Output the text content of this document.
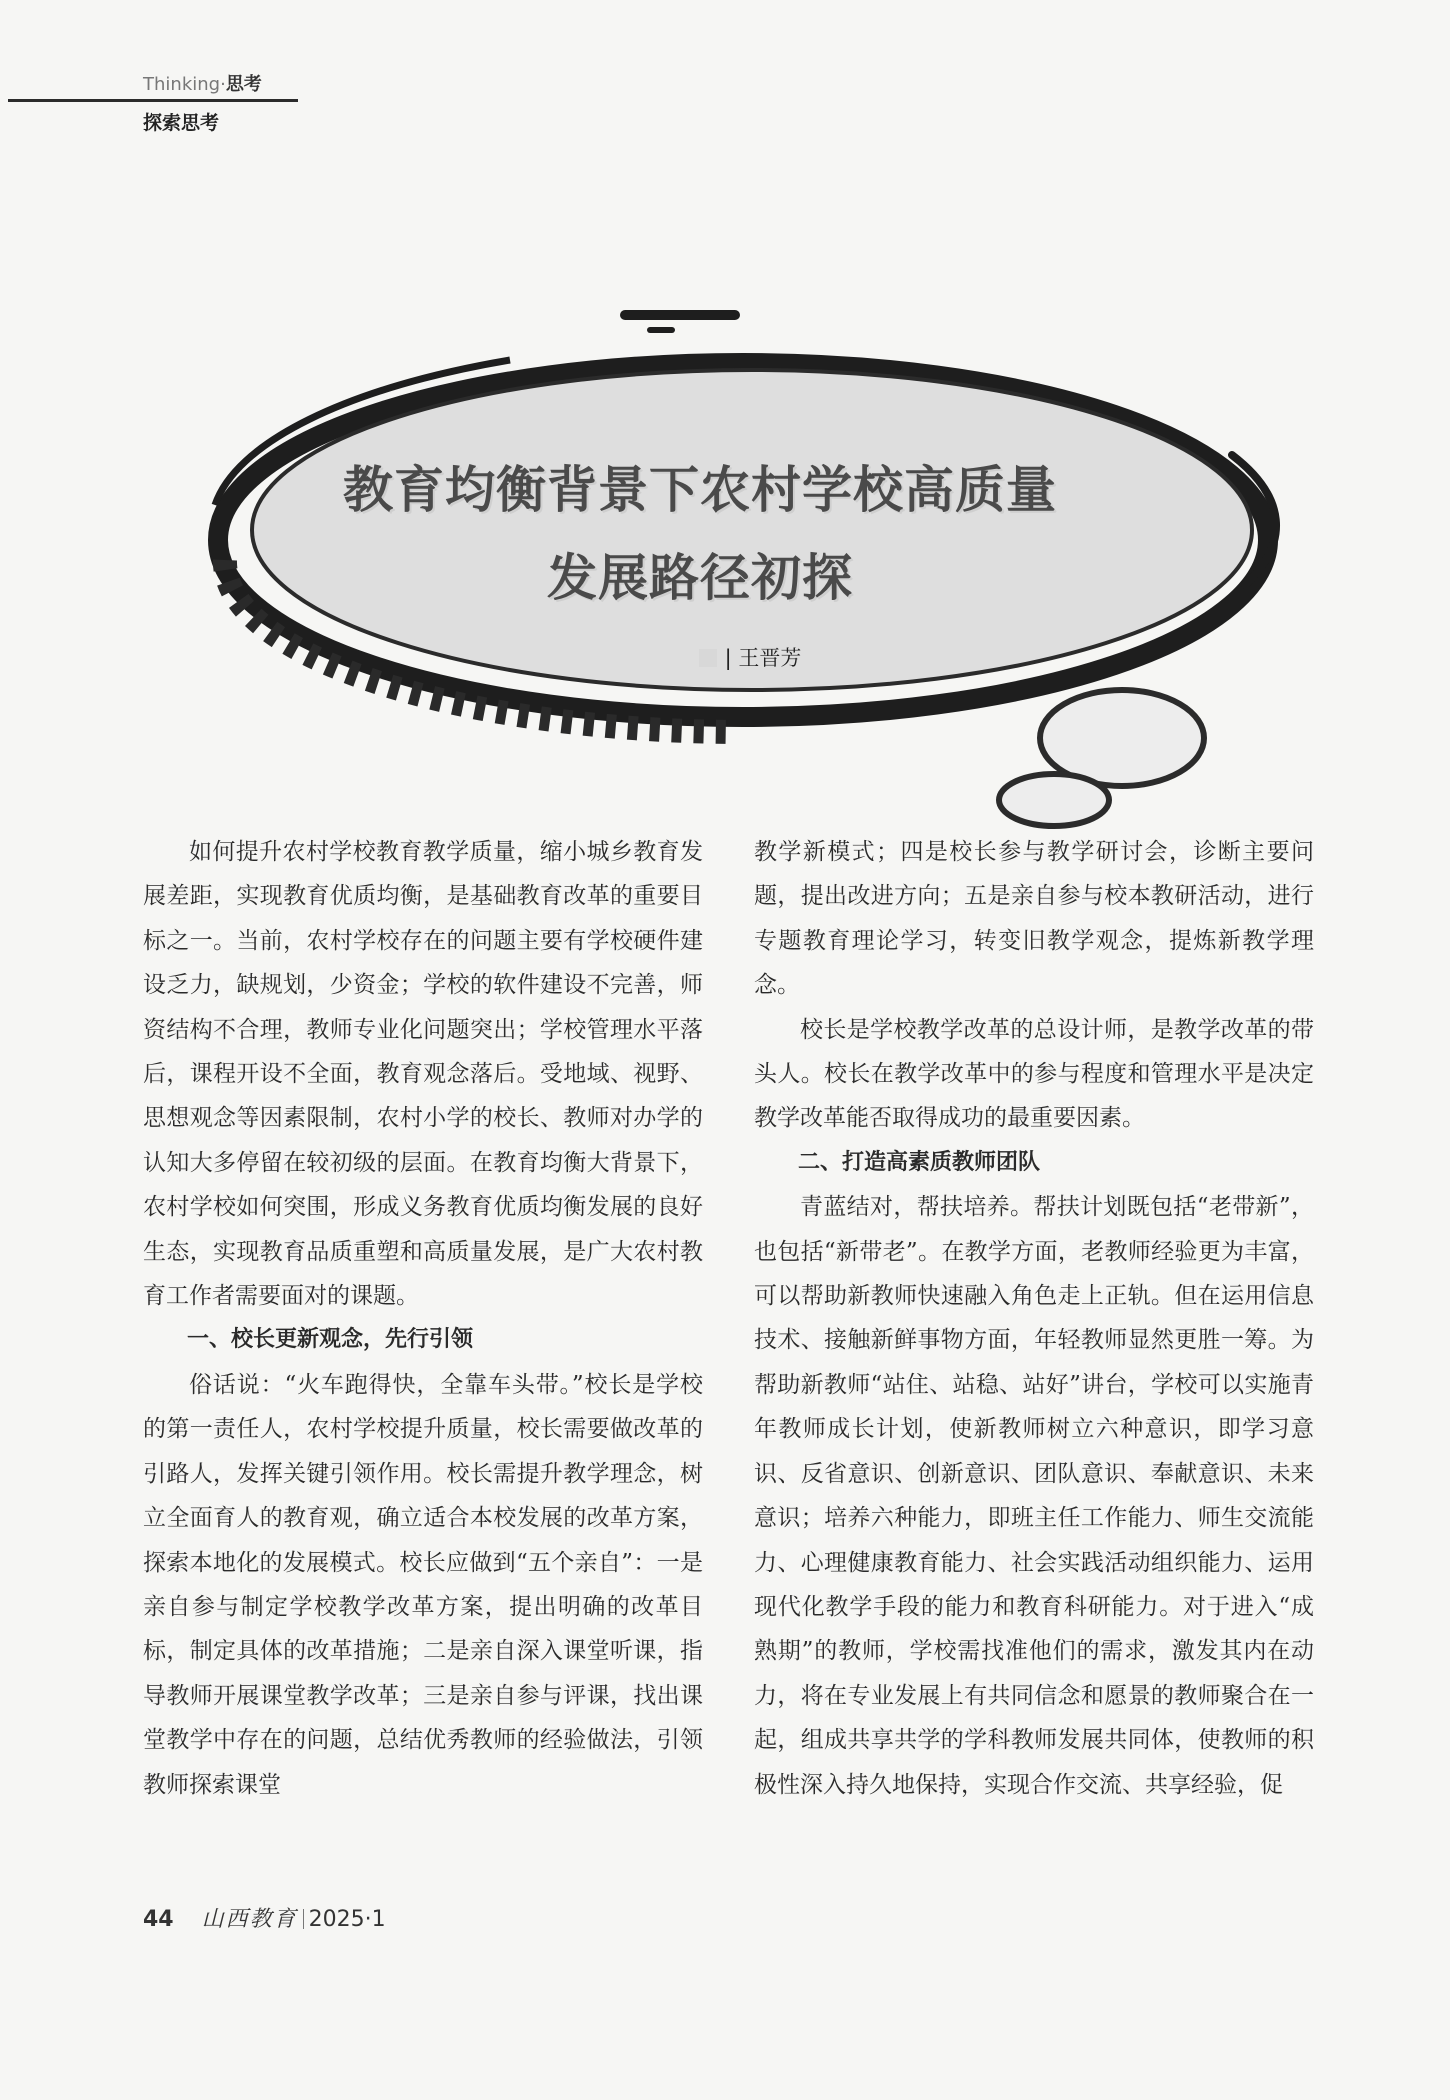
Thinking·思考
探索思考
教育均衡背景下农村学校高质量
发展路径初探
| 王晋芳

如何提升农村学校教育教学质量，缩小城乡教育发展差距，实现教育优质均衡，是基础教育改革的重要目标之一。当前，农村学校存在的问题主要有学校硬件建设乏力，缺规划，少资金；学校的软件建设不完善，师资结构不合理，教师专业化问题突出；学校管理水平落后，课程开设不全面，教育观念落后。受地域、视野、思想观念等因素限制，农村小学的校长、教师对办学的认知大多停留在较初级的层面。在教育均衡大背景下，农村学校如何突围，形成义务教育优质均衡发展的良好生态，实现教育品质重塑和高质量发展，是广大农村教育工作者需要面对的课题。

一、校长更新观念，先行引领

俗话说：“火车跑得快，全靠车头带。”校长是学校的第一责任人，农村学校提升质量，校长需要做改革的引路人，发挥关键引领作用。校长需提升教学理念，树立全面育人的教育观，确立适合本校发展的改革方案，探索本地化的发展模式。校长应做到“五个亲自”：一是亲自参与制定学校教学改革方案，提出明确的改革目标，制定具体的改革措施；二是亲自深入课堂听课，指导教师开展课堂教学改革；三是亲自参与评课，找出课堂教学中存在的问题，总结优秀教师的经验做法，引领教师探索课堂

教学新模式；四是校长参与教学研讨会，诊断主要问题，提出改进方向；五是亲自参与校本教研活动，进行专题教育理论学习，转变旧教学观念，提炼新教学理念。

校长是学校教学改革的总设计师，是教学改革的带头人。校长在教学改革中的参与程度和管理水平是决定教学改革能否取得成功的最重要因素。

二、打造高素质教师团队

青蓝结对，帮扶培养。帮扶计划既包括“老带新”，也包括“新带老”。在教学方面，老教师经验更为丰富，可以帮助新教师快速融入角色走上正轨。但在运用信息技术、接触新鲜事物方面，年轻教师显然更胜一筹。为帮助新教师“站住、站稳、站好”讲台，学校可以实施青年教师成长计划，使新教师树立六种意识，即学习意识、反省意识、创新意识、团队意识、奉献意识、未来意识；培养六种能力，即班主任工作能力、师生交流能力、心理健康教育能力、社会实践活动组织能力、运用现代化教学手段的能力和教育科研能力。对于进入“成熟期”的教师，学校需找准他们的需求，激发其内在动力，将在专业发展上有共同信念和愿景的教师聚合在一起，组成共享共学的学科教师发展共同体，使教师的积极性深入持久地保持，实现合作交流、共享经验，促

44 山西教育 2025·1
